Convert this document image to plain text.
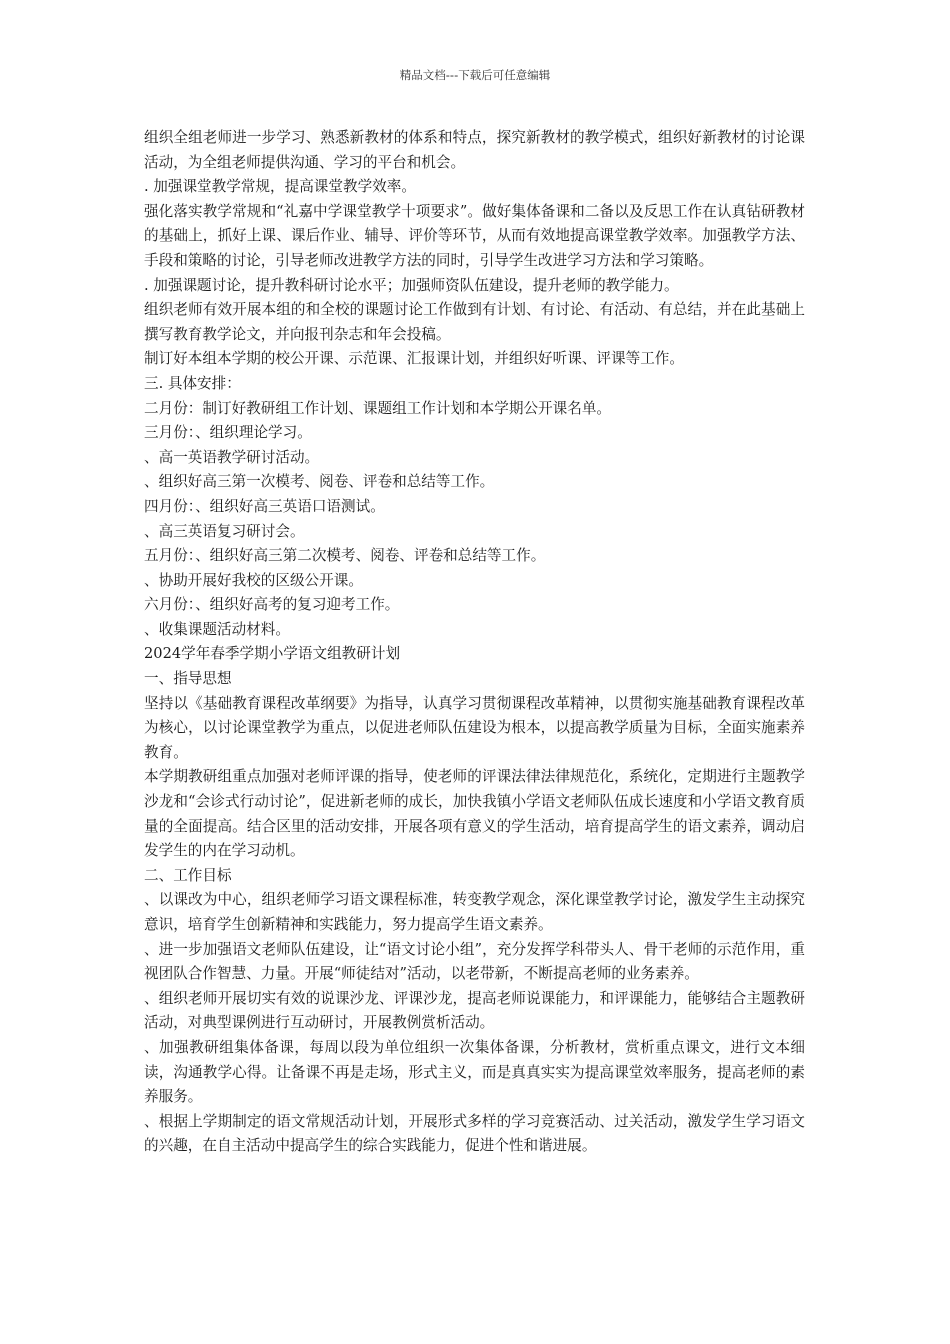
精品文档---下载后可任意编辑

组织全组老师进一步学习、熟悉新教材的体系和特点，探究新教材的教学模式，组织好新教材的讨论课活动，为全组老师提供沟通、学习的平台和机会。

. 加强课堂教学常规，提高课堂教学效率。

强化落实教学常规和“礼嘉中学课堂教学十项要求”。做好集体备课和二备以及反思工作在认真钻研教材的基础上，抓好上课、课后作业、辅导、评价等环节，从而有效地提高课堂教学效率。加强教学方法、手段和策略的讨论，引导老师改进教学方法的同时，引导学生改进学习方法和学习策略。

. 加强课题讨论，提升教科研讨论水平；加强师资队伍建设，提升老师的教学能力。

组织老师有效开展本组的和全校的课题讨论工作做到有计划、有讨论、有活动、有总结，并在此基础上撰写教育教学论文，并向报刊杂志和年会投稿。

制订好本组本学期的校公开课、示范课、汇报课计划，并组织好听课、评课等工作。

三. 具体安排：

二月份：制订好教研组工作计划、课题组工作计划和本学期公开课名单。

三月份：、组织理论学习。

、高一英语教学研讨活动。

、组织好高三第一次模考、阅卷、评卷和总结等工作。

四月份：、组织好高三英语口语测试。

、高三英语复习研讨会。

五月份：、组织好高三第二次模考、阅卷、评卷和总结等工作。

、协助开展好我校的区级公开课。

六月份：、组织好高考的复习迎考工作。

、收集课题活动材料。

2024学年春季学期小学语文组教研计划

一、指导思想

坚持以《基础教育课程改革纲要》为指导，认真学习贯彻课程改革精神，以贯彻实施基础教育课程改革为核心，以讨论课堂教学为重点，以促进老师队伍建设为根本，以提高教学质量为目标，全面实施素养教育。

本学期教研组重点加强对老师评课的指导，使老师的评课法律法律规范化，系统化，定期进行主题教学沙龙和“会诊式行动讨论”，促进新老师的成长，加快我镇小学语文老师队伍成长速度和小学语文教育质量的全面提高。结合区里的活动安排，开展各项有意义的学生活动，培育提高学生的语文素养，调动启发学生的内在学习动机。

二、工作目标

、以课改为中心，组织老师学习语文课程标准，转变教学观念，深化课堂教学讨论，激发学生主动探究意识，培育学生创新精神和实践能力，努力提高学生语文素养。

、进一步加强语文老师队伍建设，让“语文讨论小组”，充分发挥学科带头人、骨干老师的示范作用，重视团队合作智慧、力量。开展“师徒结对”活动，以老带新，不断提高老师的业务素养。

、组织老师开展切实有效的说课沙龙、评课沙龙，提高老师说课能力，和评课能力，能够结合主题教研活动，对典型课例进行互动研讨，开展教例赏析活动。

、加强教研组集体备课，每周以段为单位组织一次集体备课，分析教材，赏析重点课文，进行文本细读，沟通教学心得。让备课不再是走场，形式主义，而是真真实实为提高课堂效率服务，提高老师的素养服务。

、根据上学期制定的语文常规活动计划，开展形式多样的学习竞赛活动、过关活动，激发学生学习语文的兴趣，在自主活动中提高学生的综合实践能力，促进个性和谐进展。
